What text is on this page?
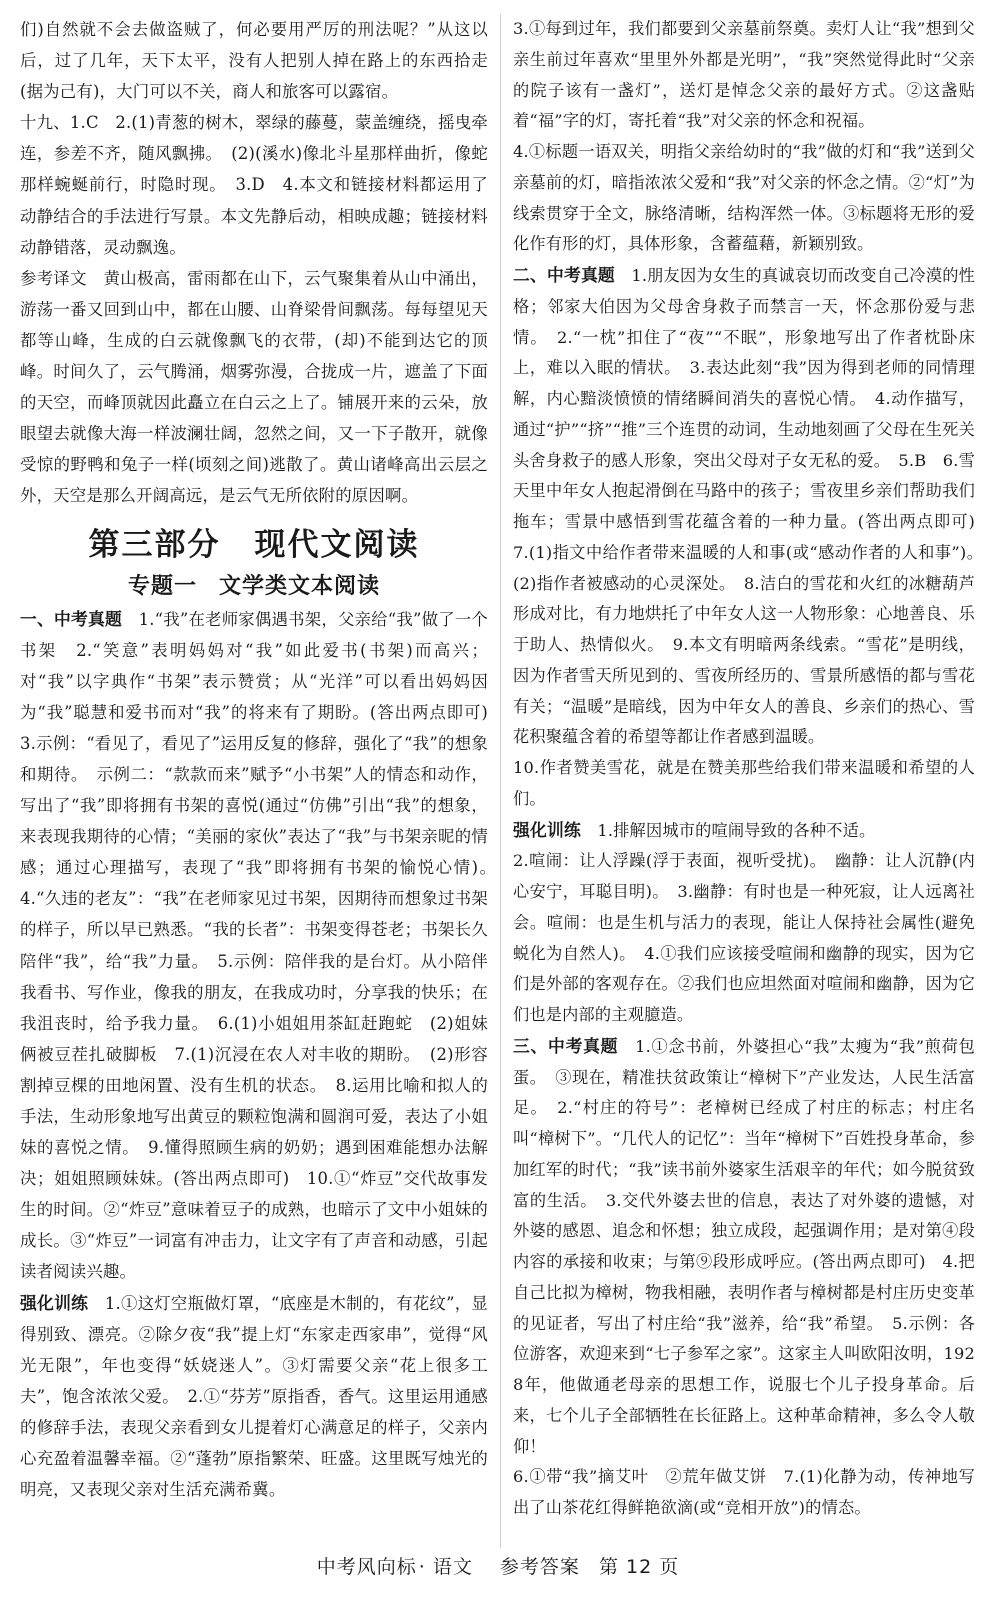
们)自然就不会去做盗贼了，何必要用严厉的刑法呢？”从这以后，过了几年，天下太平，没有人把别人掉在路上的东西拾走(据为己有)，大门可以不关，商人和旅客可以露宿。

十九、1.C　2.(1)青葱的树木，翠绿的藤蔓，蒙盖缠绕，摇曳牵连，参差不齐，随风飘拂。　(2)(溪水)像北斗星那样曲折，像蛇那样蜿蜒前行，时隐时现。　3.D　4.本文和链接材料都运用了动静结合的手法进行写景。本文先静后动，相映成趣；链接材料动静错落，灵动飘逸。

参考译文　黄山极高，雷雨都在山下，云气聚集着从山中涌出，游荡一番又回到山中，都在山腰、山脊梁骨间飘荡。每每望见天都等山峰，生成的白云就像飘飞的衣带，(却)不能到达它的顶峰。时间久了，云气腾涌，烟雾弥漫，合拢成一片，遮盖了下面的天空，而峰顶就因此矗立在白云之上了。铺展开来的云朵，放眼望去就像大海一样波澜壮阔，忽然之间，又一下子散开，就像受惊的野鸭和兔子一样(顷刻之间)逃散了。黄山诸峰高出云层之外，天空是那么开阔高远，是云气无所依附的原因啊。

第三部分 现代文阅读
专题一 文学类文本阅读

一、中考真题　1.“我”在老师家偶遇书架，父亲给“我”做了一个书架　2.“笑意”表明妈妈对“我”如此爱书(书架)而高兴；对“我”以字典作“书架”表示赞赏；从“光洋”可以看出妈妈因为“我”聪慧和爱书而对“我”的将来有了期盼。(答出两点即可)　3.示例：“看见了，看见了”运用反复的修辞，强化了“我”的想象和期待。　示例二：“款款而来”赋予“小书架”人的情态和动作，写出了“我”即将拥有书架的喜悦(通过“仿佛”引出“我”的想象，来表现我期待的心情；“美丽的家伙”表达了“我”与书架亲昵的情感；通过心理描写，表现了“我”即将拥有书架的愉悦心情)。　4.“久违的老友”：“我”在老师家见过书架，因期待而想象过书架的样子，所以早已熟悉。“我的长者”：书架变得苍老；书架长久陪伴“我”，给“我”力量。　5.示例：陪伴我的是台灯。从小陪伴我看书、写作业，像我的朋友，在我成功时，分享我的快乐；在我沮丧时，给予我力量。　6.(1)小姐姐用茶缸赶跑蛇　(2)姐妹俩被豆茬扎破脚板　7.(1)沉浸在农人对丰收的期盼。　(2)形容割掉豆棵的田地闲置、没有生机的状态。　8.运用比喻和拟人的手法，生动形象地写出黄豆的颗粒饱满和圆润可爱，表达了小姐妹的喜悦之情。　9.懂得照顾生病的奶奶；遇到困难能想办法解决；姐姐照顾妹妹。(答出两点即可)　10.①“炸豆”交代故事发生的时间。②“炸豆”意味着豆子的成熟，也暗示了文中小姐妹的成长。③“炸豆”一词富有冲击力，让文字有了声音和动感，引起读者阅读兴趣。

强化训练　1.①这灯空瓶做灯罩，“底座是木制的，有花纹”，显得别致、漂亮。②除夕夜“我”提上灯“东家走西家串”，觉得“风光无限”，年也变得“妖娆迷人”。③灯需要父亲“花上很多工夫”，饱含浓浓父爱。　2.①“芬芳”原指香，香气。这里运用通感的修辞手法，表现父亲看到女儿提着灯心满意足的样子，父亲内心充盈着温馨幸福。②“蓬勃”原指繁荣、旺盛。这里既写烛光的明亮，又表现父亲对生活充满希冀。

3.①每到过年，我们都要到父亲墓前祭奠。卖灯人让“我”想到父亲生前过年喜欢“里里外外都是光明”，“我”突然觉得此时“父亲的院子该有一盏灯”，送灯是悼念父亲的最好方式。②这盏贴着“福”字的灯，寄托着“我”对父亲的怀念和祝福。

4.①标题一语双关，明指父亲给幼时的“我”做的灯和“我”送到父亲墓前的灯，暗指浓浓父爱和“我”对父亲的怀念之情。②“灯”为线索贯穿于全文，脉络清晰，结构浑然一体。③标题将无形的爱化作有形的灯，具体形象，含蓄蕴藉，新颖别致。

二、中考真题　1.朋友因为女生的真诚哀切而改变自己冷漠的性格；邻家大伯因为父母舍身救子而禁言一天，怀念那份爱与悲情。　2.“一枕”扣住了“夜”“不眠”，形象地写出了作者枕卧床上，难以入眠的情状。　3.表达此刻“我”因为得到老师的同情理解，内心黯淡愤愤的情绪瞬间消失的喜悦心情。　4.动作描写，通过“护”“挤”“推”三个连贯的动词，生动地刻画了父母在生死关头舍身救子的感人形象，突出父母对子女无私的爱。　5.B　6.雪天里中年女人抱起滑倒在马路中的孩子；雪夜里乡亲们帮助我们拖车；雪景中感悟到雪花蕴含着的一种力量。(答出两点即可)　7.(1)指文中给作者带来温暖的人和事(或“感动作者的人和事”)。　(2)指作者被感动的心灵深处。　8.洁白的雪花和火红的冰糖葫芦形成对比，有力地烘托了中年女人这一人物形象：心地善良、乐于助人、热情似火。　9.本文有明暗两条线索。“雪花”是明线，因为作者雪天所见到的、雪夜所经历的、雪景所感悟的都与雪花有关；“温暖”是暗线，因为中年女人的善良、乡亲们的热心、雪花积聚蕴含着的希望等都让作者感到温暖。

10.作者赞美雪花，就是在赞美那些给我们带来温暖和希望的人们。

强化训练　1.排解因城市的喧闹导致的各种不适。

2.喧闹：让人浮躁(浮于表面，视听受扰)。　幽静：让人沉静(内心安宁，耳聪目明)。　3.幽静：有时也是一种死寂，让人远离社会。喧闹：也是生机与活力的表现，能让人保持社会属性(避免蜕化为自然人)。　4.①我们应该接受喧闹和幽静的现实，因为它们是外部的客观存在。②我们也应坦然面对喧闹和幽静，因为它们也是内部的主观臆造。

三、中考真题　1.①念书前，外婆担心“我”太瘦为“我”煎荷包蛋。　③现在，精准扶贫政策让“樟树下”产业发达，人民生活富足。　2.“村庄的符号”：老樟树已经成了村庄的标志；村庄名叫“樟树下”。“几代人的记忆”：当年“樟树下”百姓投身革命，参加红军的时代；“我”读书前外婆家生活艰辛的年代；如今脱贫致富的生活。　3.交代外婆去世的信息，表达了对外婆的遗憾，对外婆的感恩、追念和怀想；独立成段，起强调作用；是对第④段内容的承接和收束；与第⑨段形成呼应。(答出两点即可)　4.把自己比拟为樟树，物我相融，表明作者与樟树都是村庄历史变革的见证者，写出了村庄给“我”滋养，给“我”希望。　5.示例：各位游客，欢迎来到“七子参军之家”。这家主人叫欧阳汝明，1928年，他做通老母亲的思想工作，说服七个儿子投身革命。后来，七个儿子全部牺牲在长征路上。这种革命精神，多么令人敬仰！

6.①带“我”摘艾叶　②荒年做艾饼　7.(1)化静为动，传神地写出了山茶花红得鲜艳欲滴(或“竞相开放”)的情态。

中考风向标 · 语文 参考答案 第 12 页
